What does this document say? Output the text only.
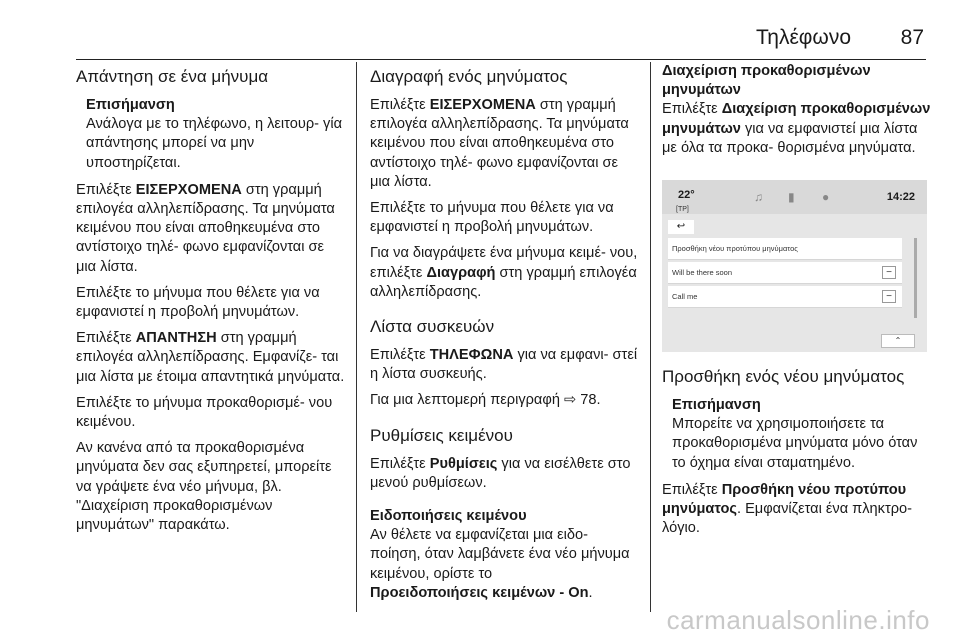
Τηλέφωνο 87
Απάντηση σε ένα μήνυμα
Επισήμανση
Ανάλογα με το τηλέφωνο, η λειτουρ- γία απάντησης μπορεί να μην υποστηρίζεται.

Επιλέξτε ΕΙΣΕΡΧΟΜΕΝΑ στη γραμμή επιλογέα αλληλεπίδρασης. Τα μηνύματα κειμένου που είναι αποθηκευμένα στο αντίστοιχο τηλέ- φωνο εμφανίζονται σε μια λίστα.

Επιλέξτε το μήνυμα που θέλετε για να εμφανιστεί η προβολή μηνυμάτων.

Επιλέξτε ΑΠΑΝΤΗΣΗ στη γραμμή επιλογέα αλληλεπίδρασης. Εμφανίζε- ται μια λίστα με έτοιμα απαντητικά μηνύματα.

Επιλέξτε το μήνυμα προκαθορισμέ- νου κειμένου.

Αν κανένα από τα προκαθορισμένα μηνύματα δεν σας εξυπηρετεί, μπορείτε να γράψετε ένα νέο μήνυμα, βλ. "Διαχείριση προκαθορισμένων μηνυμάτων" παρακάτω.

Διαγραφή ενός μηνύματος

Επιλέξτε ΕΙΣΕΡΧΟΜΕΝΑ στη γραμμή επιλογέα αλληλεπίδρασης. Τα μηνύματα κειμένου που είναι αποθηκευμένα στο αντίστοιχο τηλέ- φωνο εμφανίζονται σε μια λίστα.

Επιλέξτε το μήνυμα που θέλετε για να εμφανιστεί η προβολή μηνυμάτων.

Για να διαγράψετε ένα μήνυμα κειμέ- νου, επιλέξτε Διαγραφή στη γραμμή επιλογέα αλληλεπίδρασης.

Λίστα συσκευών

Επιλέξτε ΤΗΛΕΦΩΝΑ για να εμφανι- στεί η λίστα συσκευής.

Για μια λεπτομερή περιγραφή ⇨ 78.

Ρυθμίσεις κειμένου

Επιλέξτε Ρυθμίσεις για να εισέλθετε στο μενού ρυθμίσεων.

Ειδοποιήσεις κειμένου

Αν θέλετε να εμφανίζεται μια ειδο- ποίηση, όταν λαμβάνετε ένα νέο μήνυμα κειμένου, ορίστε το
Προειδοποιήσεις κειμένων - On.

Διαχείριση προκαθορισμένων μηνυμάτων

Επιλέξτε Διαχείριση προκαθορισμένων μηνυμάτων για να εμφανιστεί μια λίστα με όλα τα προκα- θορισμένα μηνύματα.

22°
[TP]
♫ ▮ ●	14:22
↩
Προσθήκη νέου προτύπου μηνύματος
Will be there soon	−
Call me	−
⌃
Προσθήκη ενός νέου μηνύματος
Επισήμανση
Μπορείτε να χρησιμοποιήσετε τα προκαθορισμένα μηνύματα μόνο όταν το όχημα είναι σταματημένο.

Επιλέξτε Προσθήκη νέου προτύπου μηνύματος. Εμφανίζεται ένα πληκτρο- λόγιο.

carmanualsonline.info
